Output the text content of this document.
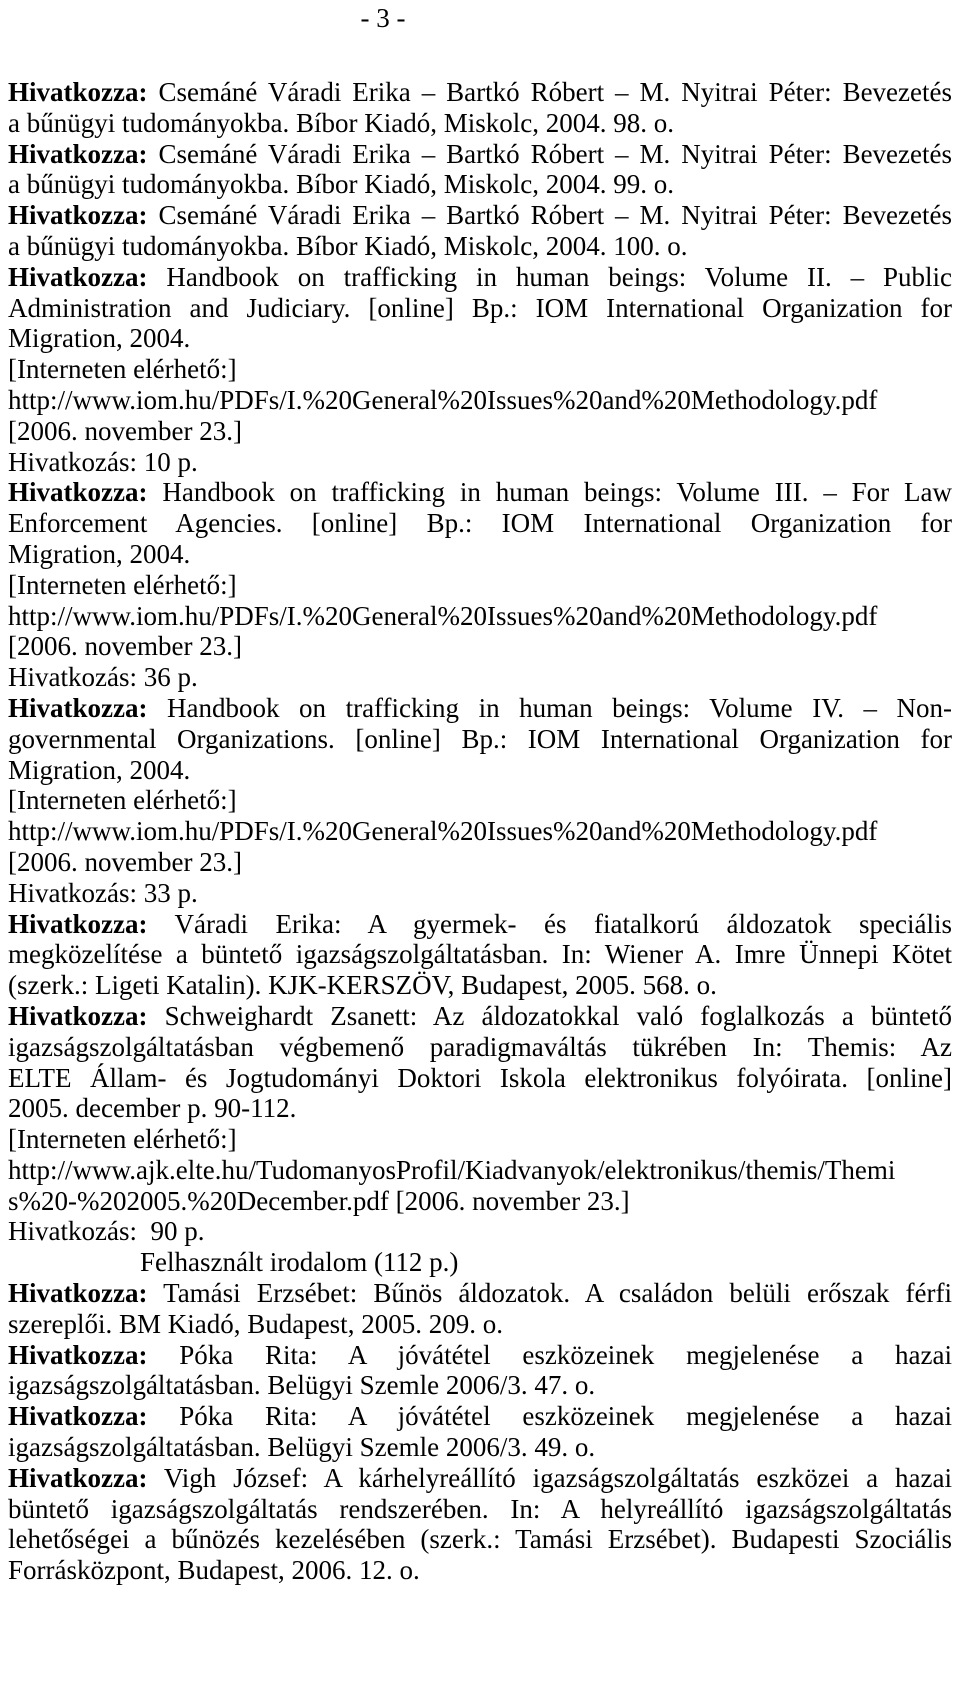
- 3 -
Hivatkozza: Csemáné Váradi Erika – Bartkó Róbert – M. Nyitrai Péter: Bevezetés
a bűnügyi tudományokba. Bíbor Kiadó, Miskolc, 2004. 98. o.
Hivatkozza: Csemáné Váradi Erika – Bartkó Róbert – M. Nyitrai Péter: Bevezetés
a bűnügyi tudományokba. Bíbor Kiadó, Miskolc, 2004. 99. o.
Hivatkozza: Csemáné Váradi Erika – Bartkó Róbert – M. Nyitrai Péter: Bevezetés
a bűnügyi tudományokba. Bíbor Kiadó, Miskolc, 2004. 100. o.
Hivatkozza: Handbook on trafficking in human beings: Volume II. – Public
Administration and Judiciary. [online] Bp.: IOM International Organization for
Migration, 2004.
[Interneten elérhető:]
http://www.iom.hu/PDFs/I.%20General%20Issues%20and%20Methodology.pdf
[2006. november 23.]
Hivatkozás: 10 p.
Hivatkozza: Handbook on trafficking in human beings: Volume III. – For Law
Enforcement Agencies. [online] Bp.: IOM International Organization for
Migration, 2004.
[Interneten elérhető:]
http://www.iom.hu/PDFs/I.%20General%20Issues%20and%20Methodology.pdf
[2006. november 23.]
Hivatkozás: 36 p.
Hivatkozza: Handbook on trafficking in human beings: Volume IV. – Non-
governmental Organizations. [online] Bp.: IOM International Organization for
Migration, 2004.
[Interneten elérhető:]
http://www.iom.hu/PDFs/I.%20General%20Issues%20and%20Methodology.pdf
[2006. november 23.]
Hivatkozás: 33 p.
Hivatkozza: Váradi Erika: A gyermek- és fiatalkorú áldozatok speciális
megközelítése a büntető igazságszolgáltatásban. In: Wiener A. Imre Ünnepi Kötet
(szerk.: Ligeti Katalin). KJK-KERSZÖV, Budapest, 2005. 568. o.
Hivatkozza: Schweighardt Zsanett: Az áldozatokkal való foglalkozás a büntető
igazságszolgáltatásban végbemenő paradigmaváltás tükrében In: Themis: Az
ELTE Állam- és Jogtudományi Doktori Iskola elektronikus folyóirata. [online]
2005. december p. 90-112.
[Interneten elérhető:]
http://www.ajk.elte.hu/TudomanyosProfil/Kiadvanyok/elektronikus/themis/Themi
s%20-%202005.%20December.pdf [2006. november 23.]
Hivatkozás:  90 p.
Felhasznált irodalom (112 p.)
Hivatkozza: Tamási Erzsébet: Bűnös áldozatok. A családon belüli erőszak férfi
szereplői. BM Kiadó, Budapest, 2005. 209. o.
Hivatkozza: Póka Rita: A jóvátétel eszközeinek megjelenése a hazai
igazságszolgáltatásban. Belügyi Szemle 2006/3. 47. o.
Hivatkozza: Póka Rita: A jóvátétel eszközeinek megjelenése a hazai
igazságszolgáltatásban. Belügyi Szemle 2006/3. 49. o.
Hivatkozza: Vigh József: A kárhelyreállító igazságszolgáltatás eszközei a hazai
büntető igazságszolgáltatás rendszerében. In: A helyreállító igazságszolgáltatás
lehetőségei a bűnözés kezelésében (szerk.: Tamási Erzsébet). Budapesti Szociális
Forrásközpont, Budapest, 2006. 12. o.
